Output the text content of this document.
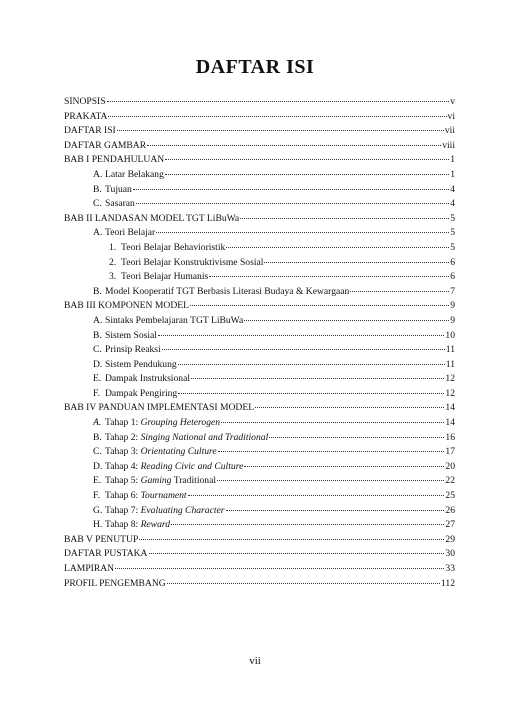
DAFTAR ISI
SINOPSIS	v
PRAKATA	vi
DAFTAR ISI	vii
DAFTAR GAMBAR	viii
BAB I PENDAHULUAN	1
A. Latar Belakang	1
B. Tujuan	4
C. Sasaran	4
BAB II LANDASAN MODEL TGT LiBuWa	5
A. Teori Belajar	5
1. Teori Belajar Behavioristik	5
2. Teori Belajar Konstruktivisme Sosial	6
3. Teori Belajar Humanis	6
B. Model Kooperatif TGT Berbasis Literasi Budaya & Kewargaan	7
BAB III KOMPONEN MODEL	9
A. Sintaks Pembelajaran TGT LiBuWa	9
B. Sistem Sosial	10
C. Prinsip Reaksi	11
D. Sistem Pendukung	11
E. Dampak Instruksional	12
F. Dampak Pengiring	12
BAB IV PANDUAN IMPLEMENTASI MODEL	14
A. Tahap 1: Grouping Heterogen	14
B. Tahap 2: Singing National and Traditional	16
C. Tahap 3: Orientating Culture	17
D. Tahap 4: Reading Civic and Culture	20
E. Tahap 5: Gaming Traditional	22
F. Tahap 6: Tournament	25
G. Tahap 7: Evaluating Character	26
H. Tahap 8: Reward	27
BAB V PENUTUP	29
DAFTAR PUSTAKA	30
LAMPIRAN	33
PROFIL PENGEMBANG	112
vii
